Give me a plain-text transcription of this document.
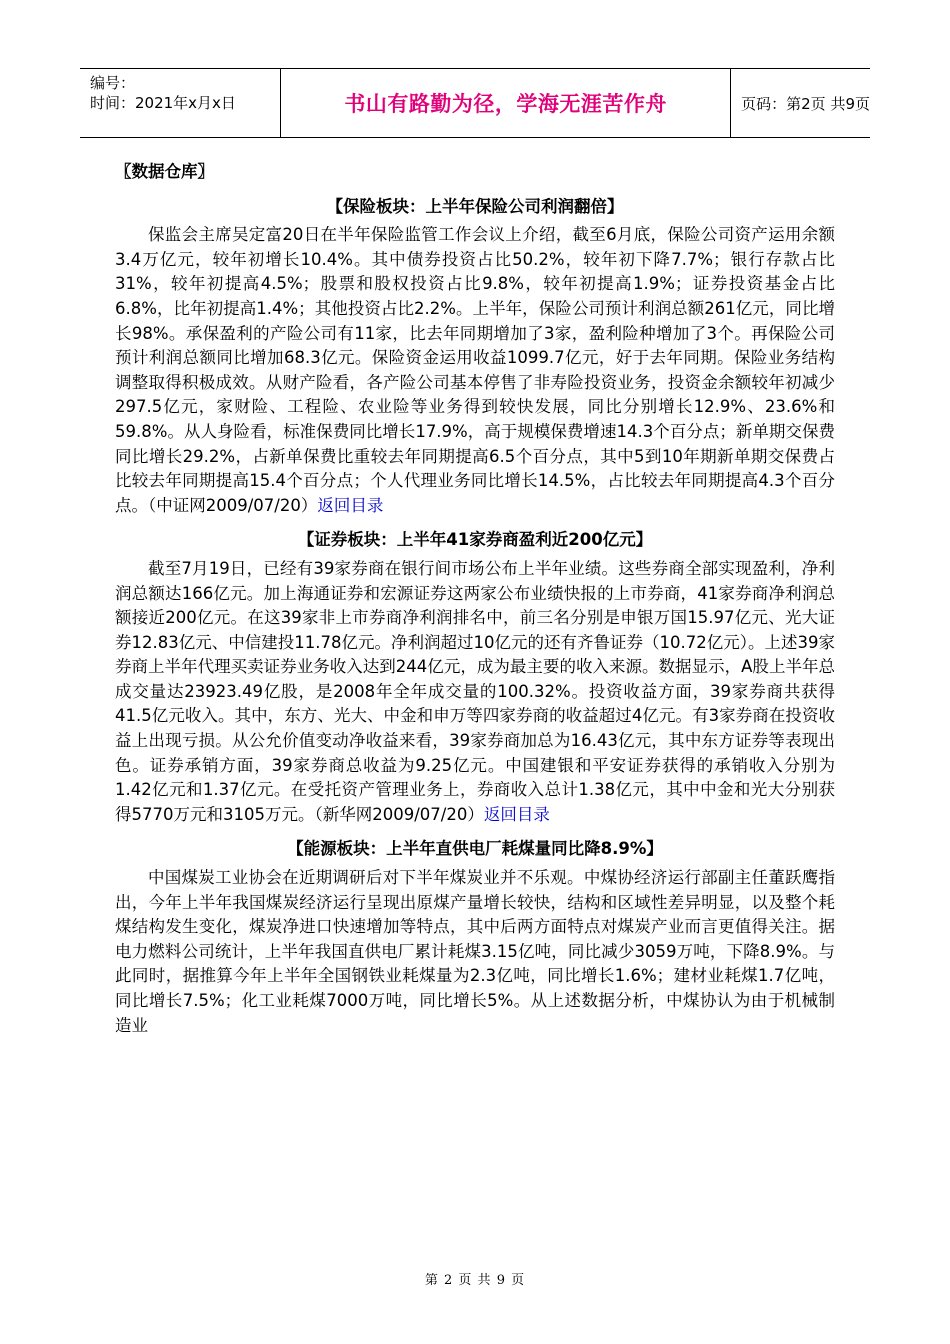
编号：
时间：2021年x月x日	书山有路勤为径，学海无涯苦作舟	页码：第2页 共9页
〖数据仓库〗
【保险板块：上半年保险公司利润翻倍】

保监会主席吴定富20日在半年保险监管工作会议上介绍，截至6月底，保险公司资产运用余额3.4万亿元，较年初增长10.4%。其中债券投资占比50.2%，较年初下降7.7%；银行存款占比31%，较年初提高4.5%；股票和股权投资占比9.8%，较年初提高1.9%；证券投资基金占比6.8%，比年初提高1.4%；其他投资占比2.2%。上半年，保险公司预计利润总额261亿元，同比增长98%。承保盈利的产险公司有11家，比去年同期增加了3家，盈利险种增加了3个。再保险公司预计利润总额同比增加68.3亿元。保险资金运用收益1099.7亿元，好于去年同期。保险业务结构调整取得积极成效。从财产险看，各产险公司基本停售了非寿险投资业务，投资金余额较年初减少297.5亿元，家财险、工程险、农业险等业务得到较快发展，同比分别增长12.9%、23.6%和59.8%。从人身险看，标准保费同比增长17.9%，高于规模保费增速14.3个百分点；新单期交保费同比增长29.2%，占新单保费比重较去年同期提高6.5个百分点，其中5到10年期新单期交保费占比较去年同期提高15.4个百分点；个人代理业务同比增长14.5%，占比较去年同期提高4.3个百分点。（中证网2009/07/20）返回目录

【证券板块：上半年41家券商盈利近200亿元】

截至7月19日，已经有39家券商在银行间市场公布上半年业绩。这些券商全部实现盈利，净利润总额达166亿元。加上海通证券和宏源证券这两家公布业绩快报的上市券商，41家券商净利润总额接近200亿元。在这39家非上市券商净利润排名中，前三名分别是申银万国15.97亿元、光大证券12.83亿元、中信建投11.78亿元。净利润超过10亿元的还有齐鲁证券（10.72亿元）。上述39家券商上半年代理买卖证券业务收入达到244亿元，成为最主要的收入来源。数据显示，A股上半年总成交量达23923.49亿股，是2008年全年成交量的100.32%。投资收益方面，39家券商共获得41.5亿元收入。其中，东方、光大、中金和申万等四家券商的收益超过4亿元。有3家券商在投资收益上出现亏损。从公允价值变动净收益来看，39家券商加总为16.43亿元，其中东方证券等表现出色。证券承销方面，39家券商总收益为9.25亿元。中国建银和平安证券获得的承销收入分别为1.42亿元和1.37亿元。在受托资产管理业务上，券商收入总计1.38亿元，其中中金和光大分别获得5770万元和3105万元。（新华网2009/07/20）返回目录

【能源板块：上半年直供电厂耗煤量同比降8.9%】

中国煤炭工业协会在近期调研后对下半年煤炭业并不乐观。中煤协经济运行部副主任董跃鹰指出，今年上半年我国煤炭经济运行呈现出原煤产量增长较快，结构和区域性差异明显，以及整个耗煤结构发生变化，煤炭净进口快速增加等特点，其中后两方面特点对煤炭产业而言更值得关注。据电力燃料公司统计，上半年我国直供电厂累计耗煤3.15亿吨，同比减少3059万吨，下降8.9%。与此同时，据推算今年上半年全国钢铁业耗煤量为2.3亿吨，同比增长1.6%；建材业耗煤1.7亿吨，同比增长7.5%；化工业耗煤7000万吨，同比增长5%。从上述数据分析，中煤协认为由于机械制造业

第 2 页 共 9 页
